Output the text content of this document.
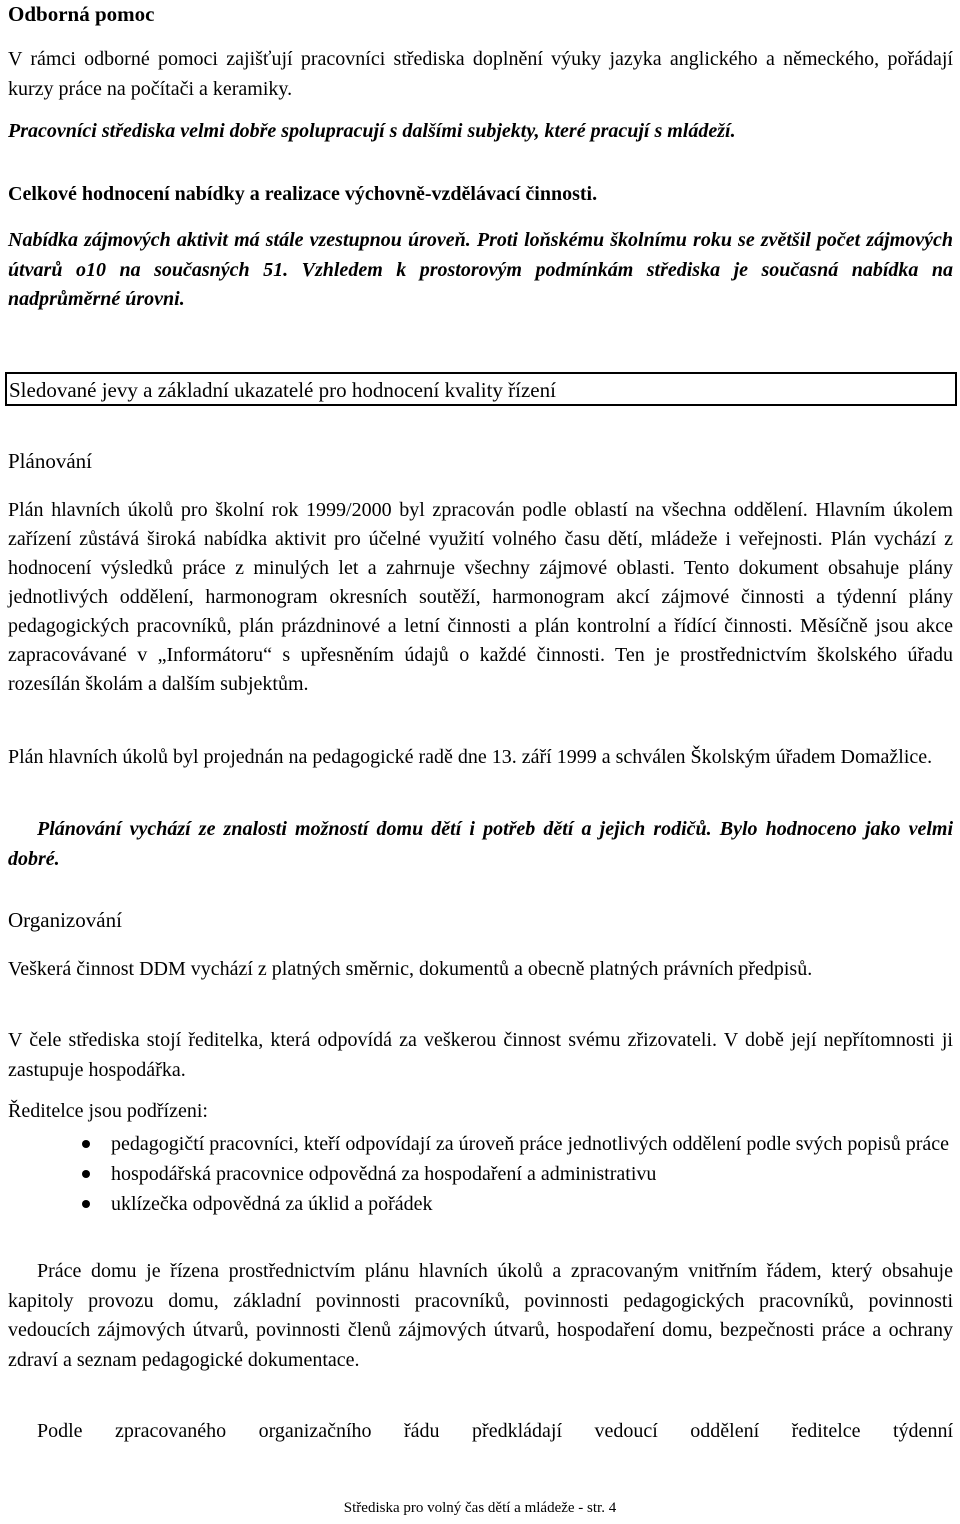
Odborná pomoc

V rámci odborné pomoci zajišťují pracovníci střediska doplnění výuky jazyka anglického a německého, pořádají kurzy práce na počítači a keramiky.

Pracovníci střediska velmi dobře spolupracují s dalšími subjekty, které pracují s mládeží.

Celkové hodnocení nabídky a realizace výchovně-vzdělávací činnosti.

Nabídka zájmových aktivit má stále vzestupnou úroveň. Proti loňskému školnímu roku se zvětšil počet zájmových útvarů o10 na současných 51. Vzhledem k prostorovým podmínkám střediska je současná nabídka na nadprůměrné úrovni.

Sledované jevy a základní ukazatelé pro hodnocení kvality řízení

Plánování

Plán hlavních úkolů pro školní rok 1999/2000 byl zpracován podle oblastí na všechna oddělení. Hlavním úkolem zařízení zůstává široká nabídka aktivit pro účelné využití volného času dětí, mládeže i veřejnosti. Plán vychází z hodnocení výsledků práce z minulých let a zahrnuje všechny zájmové oblasti. Tento dokument obsahuje plány jednotlivých oddělení, harmonogram okresních soutěží, harmonogram akcí zájmové činnosti a týdenní plány pedagogických pracovníků, plán prázdninové a letní činnosti a plán kontrolní a řídící činnosti. Měsíčně jsou akce zapracovávané v „Informátoru“ s upřesněním údajů o každé činnosti. Ten je prostřednictvím školského úřadu rozesílán školám a dalším subjektům.

Plán hlavních úkolů byl projednán na pedagogické radě dne 13. září 1999 a schválen Školským úřadem Domažlice.

Plánování vychází ze znalosti možností domu dětí i potřeb dětí a jejich rodičů. Bylo hodnoceno jako velmi dobré.

Organizování

Veškerá činnost DDM vychází z platných směrnic, dokumentů a obecně platných právních předpisů.

V čele střediska stojí ředitelka, která odpovídá za veškerou činnost svému zřizovateli. V době její nepřítomnosti ji zastupuje hospodářka.

Ředitelce jsou podřízeni:

pedagogičtí pracovníci, kteří odpovídají za úroveň práce jednotlivých oddělení podle svých popisů práce
hospodářská pracovnice odpovědná za hospodaření a administrativu
uklízečka odpovědná za úklid a pořádek

Práce domu je řízena prostřednictvím plánu hlavních úkolů a zpracovaným vnitřním řádem, který obsahuje kapitoly provozu domu, základní povinnosti pracovníků, povinnosti pedagogických pracovníků, povinnosti vedoucích zájmových útvarů, povinnosti členů zájmových útvarů, hospodaření domu, bezpečnosti práce a ochrany zdraví a seznam pedagogické dokumentace.

Podle zpracovaného organizačního řádu předkládají vedoucí oddělení ředitelce týdenní

Střediska pro volný čas dětí a mládeže - str. 4
